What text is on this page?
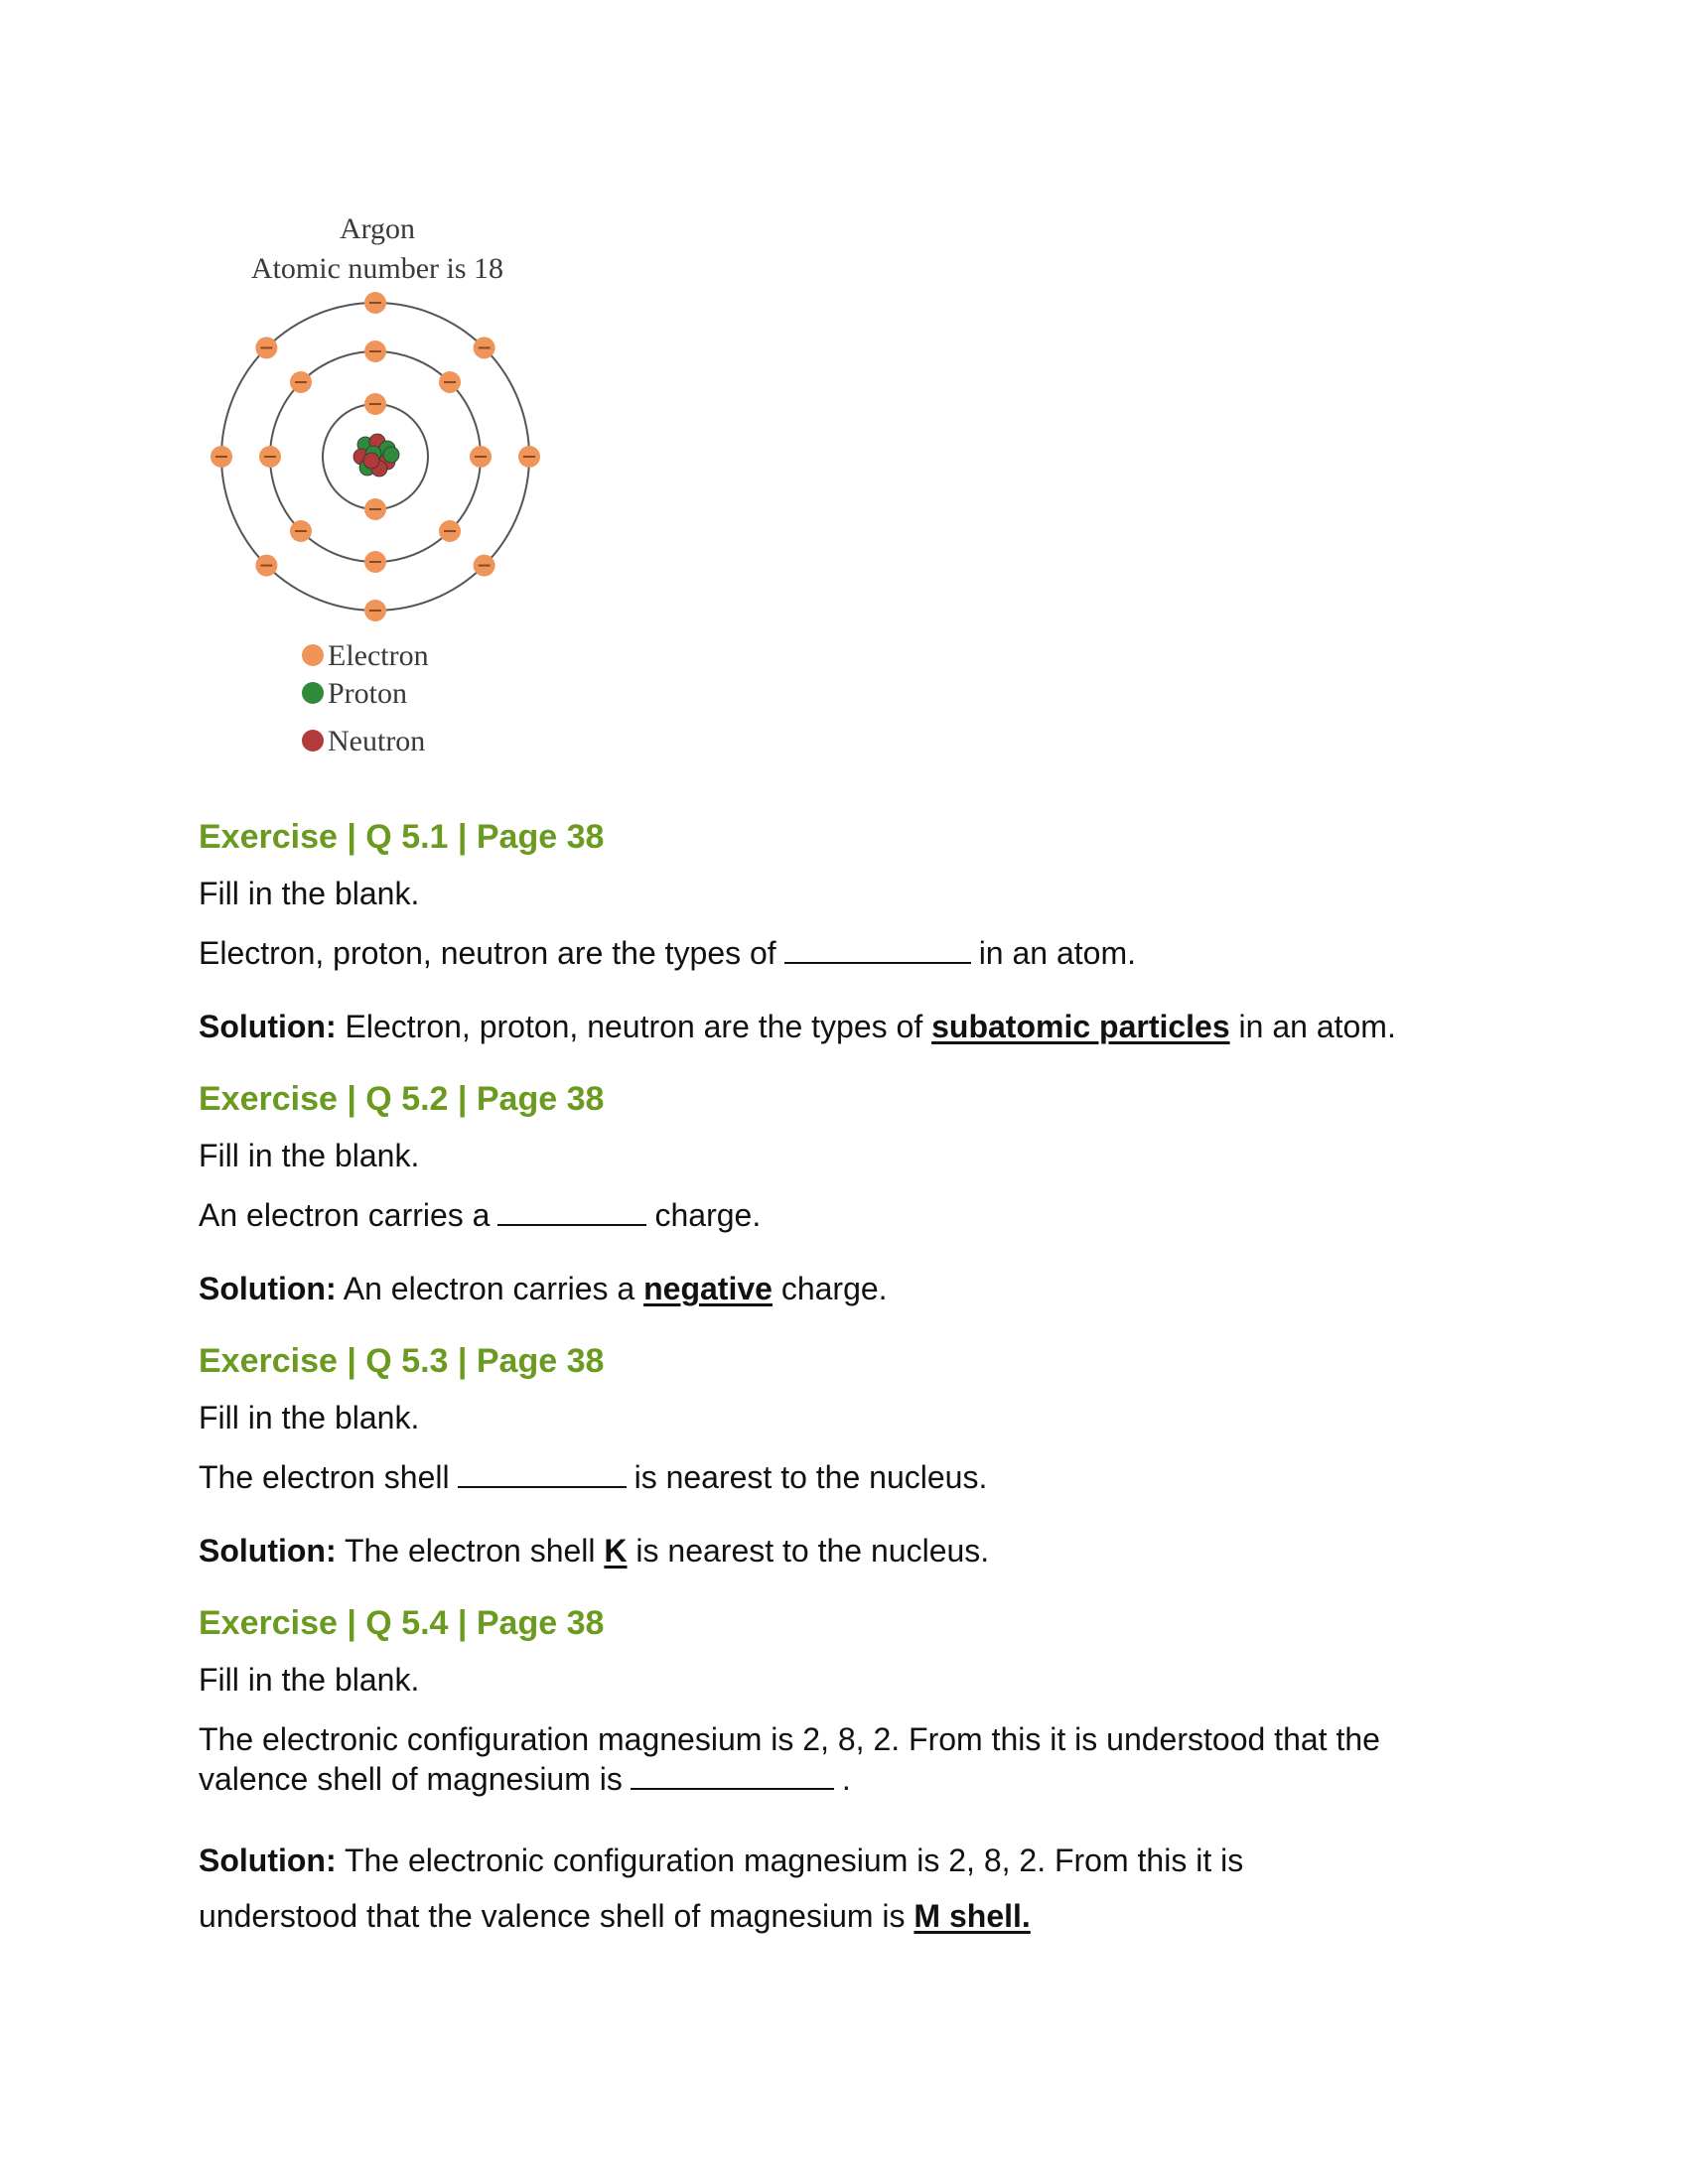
Argon
Atomic number is 18
Electron
Proton
Neutron
Exercise | Q 5.1 | Page 38
Fill in the blank.
Electron, proton, neutron are the types of	in an atom.
Solution: Electron, proton, neutron are the types of subatomic particles in an atom.
Exercise | Q 5.2 | Page 38
Fill in the blank.
An electron carries a	charge.
Solution: An electron carries a negative charge.
Exercise | Q 5.3 | Page 38
Fill in the blank.
The electron shell	is nearest to the nucleus.
Solution: The electron shell K is nearest to the nucleus.
Exercise | Q 5.4 | Page 38
Fill in the blank.
The electronic configuration magnesium is 2, 8, 2. From this it is understood that the valence shell of magnesium is	.
Solution: The electronic configuration magnesium is 2, 8, 2. From this it is understood that the valence shell of magnesium is M shell.
